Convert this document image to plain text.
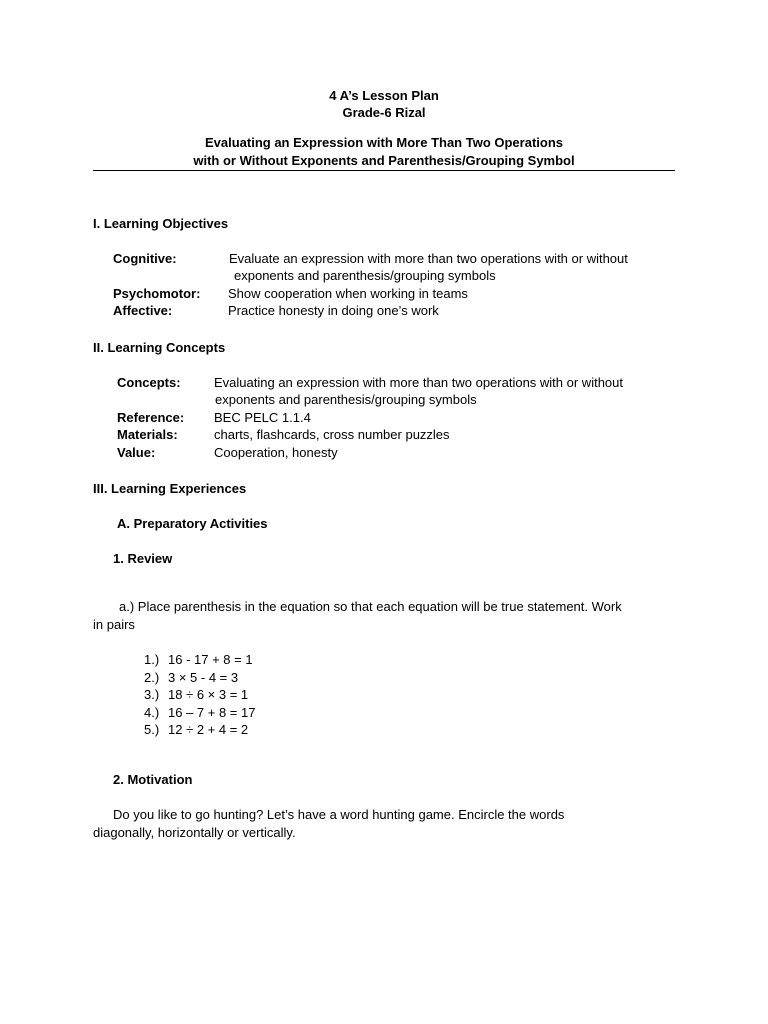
4 A’s Lesson Plan
Grade-6 Rizal
Evaluating an Expression with More Than Two Operations
with or Without Exponents and Parenthesis/Grouping Symbol
I. Learning Objectives
Cognitive:	Evaluate an expression with more than two operations with or without
exponents and parenthesis/grouping symbols
Psychomotor: Show cooperation when working in teams
Affective:	Practice honesty in doing one’s work
II. Learning Concepts
Concepts:	Evaluating an expression with more than two operations with or without
exponents and parenthesis/grouping symbols
Reference: BEC PELC 1.1.4
Materials:	charts, flashcards, cross number puzzles
Value:	Cooperation, honesty
III. Learning Experiences
A. Preparatory Activities
1. Review
a.) Place parenthesis in the equation so that each equation will be true statement. Work
in pairs
1.) 16 - 17 + 8 = 1
2.) 3 × 5 - 4 = 3
3.) 18 ÷ 6 × 3 = 1
4.) 16 – 7 + 8 = 17
5.) 12 ÷ 2 + 4 = 2
2. Motivation
Do you like to go hunting? Let’s have a word hunting game. Encircle the words
diagonally, horizontally or vertically.
